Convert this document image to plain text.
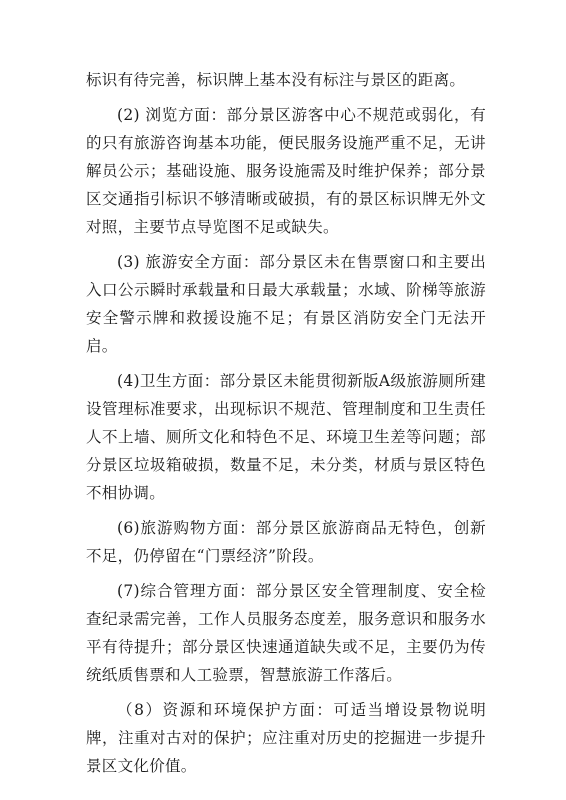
标识有待完善，标识牌上基本没有标注与景区的距离。

(2) 浏览方面：部分景区游客中心不规范或弱化，有的只有旅游咨询基本功能，便民服务设施严重不足，无讲解员公示；基础设施、服务设施需及时维护保养；部分景区交通指引标识不够清晰或破损，有的景区标识牌无外文对照，主要节点导览图不足或缺失。

(3) 旅游安全方面：部分景区未在售票窗口和主要出入口公示瞬时承载量和日最大承载量；水域、阶梯等旅游安全警示牌和救援设施不足；有景区消防安全门无法开启。

(4)卫生方面：部分景区未能贯彻新版A级旅游厕所建设管理标准要求，出现标识不规范、管理制度和卫生责任人不上墙、厕所文化和特色不足、环境卫生差等问题；部分景区垃圾箱破损，数量不足，未分类，材质与景区特色不相协调。

(6)旅游购物方面：部分景区旅游商品无特色，创新不足，仍停留在“门票经济”阶段。

(7)综合管理方面：部分景区安全管理制度、安全检查纪录需完善，工作人员服务态度差，服务意识和服务水平有待提升；部分景区快速通道缺失或不足，主要仍为传统纸质售票和人工验票，智慧旅游工作落后。

（8）资源和环境保护方面：可适当增设景物说明牌，注重对古对的保护；应注重对历史的挖掘进一步提升景区文化价值。
